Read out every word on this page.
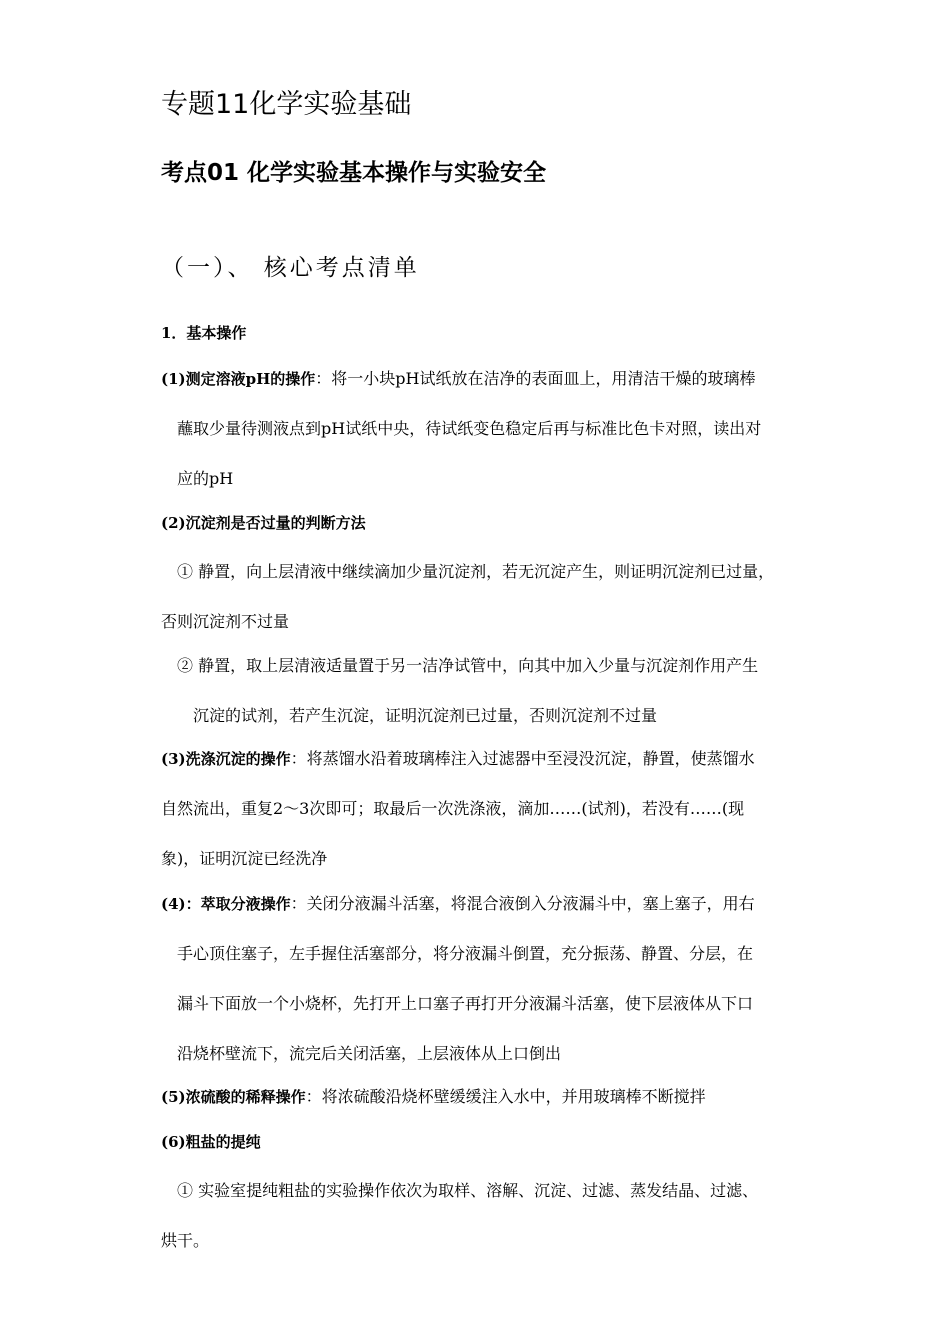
专题11化学实验基础
考点01 化学实验基本操作与实验安全
（一）、 核心考点清单
1．基本操作
(1)测定溶液pH的操作：将一小块pH试纸放在洁净的表面皿上，用清洁干燥的玻璃棒
蘸取少量待测液点到pH试纸中央，待试纸变色稳定后再与标准比色卡对照，读出对
应的pH
(2)沉淀剂是否过量的判断方法
① 静置，向上层清液中继续滴加少量沉淀剂，若无沉淀产生，则证明沉淀剂已过量，
否则沉淀剂不过量
② 静置，取上层清液适量置于另一洁净试管中，向其中加入少量与沉淀剂作用产生
沉淀的试剂，若产生沉淀，证明沉淀剂已过量，否则沉淀剂不过量
(3)洗涤沉淀的操作：将蒸馏水沿着玻璃棒注入过滤器中至浸没沉淀，静置，使蒸馏水
自然流出，重复2～3次即可；取最后一次洗涤液，滴加……(试剂)，若没有……(现
象)，证明沉淀已经洗净
(4)：萃取分液操作：关闭分液漏斗活塞，将混合液倒入分液漏斗中，塞上塞子，用右
手心顶住塞子，左手握住活塞部分，将分液漏斗倒置，充分振荡、静置、分层，在
漏斗下面放一个小烧杯，先打开上口塞子再打开分液漏斗活塞，使下层液体从下口
沿烧杯壁流下，流完后关闭活塞，上层液体从上口倒出
(5)浓硫酸的稀释操作：将浓硫酸沿烧杯壁缓缓注入水中，并用玻璃棒不断搅拌
(6)粗盐的提纯
① 实验室提纯粗盐的实验操作依次为取样、溶解、沉淀、过滤、蒸发结晶、过滤、
烘干。
